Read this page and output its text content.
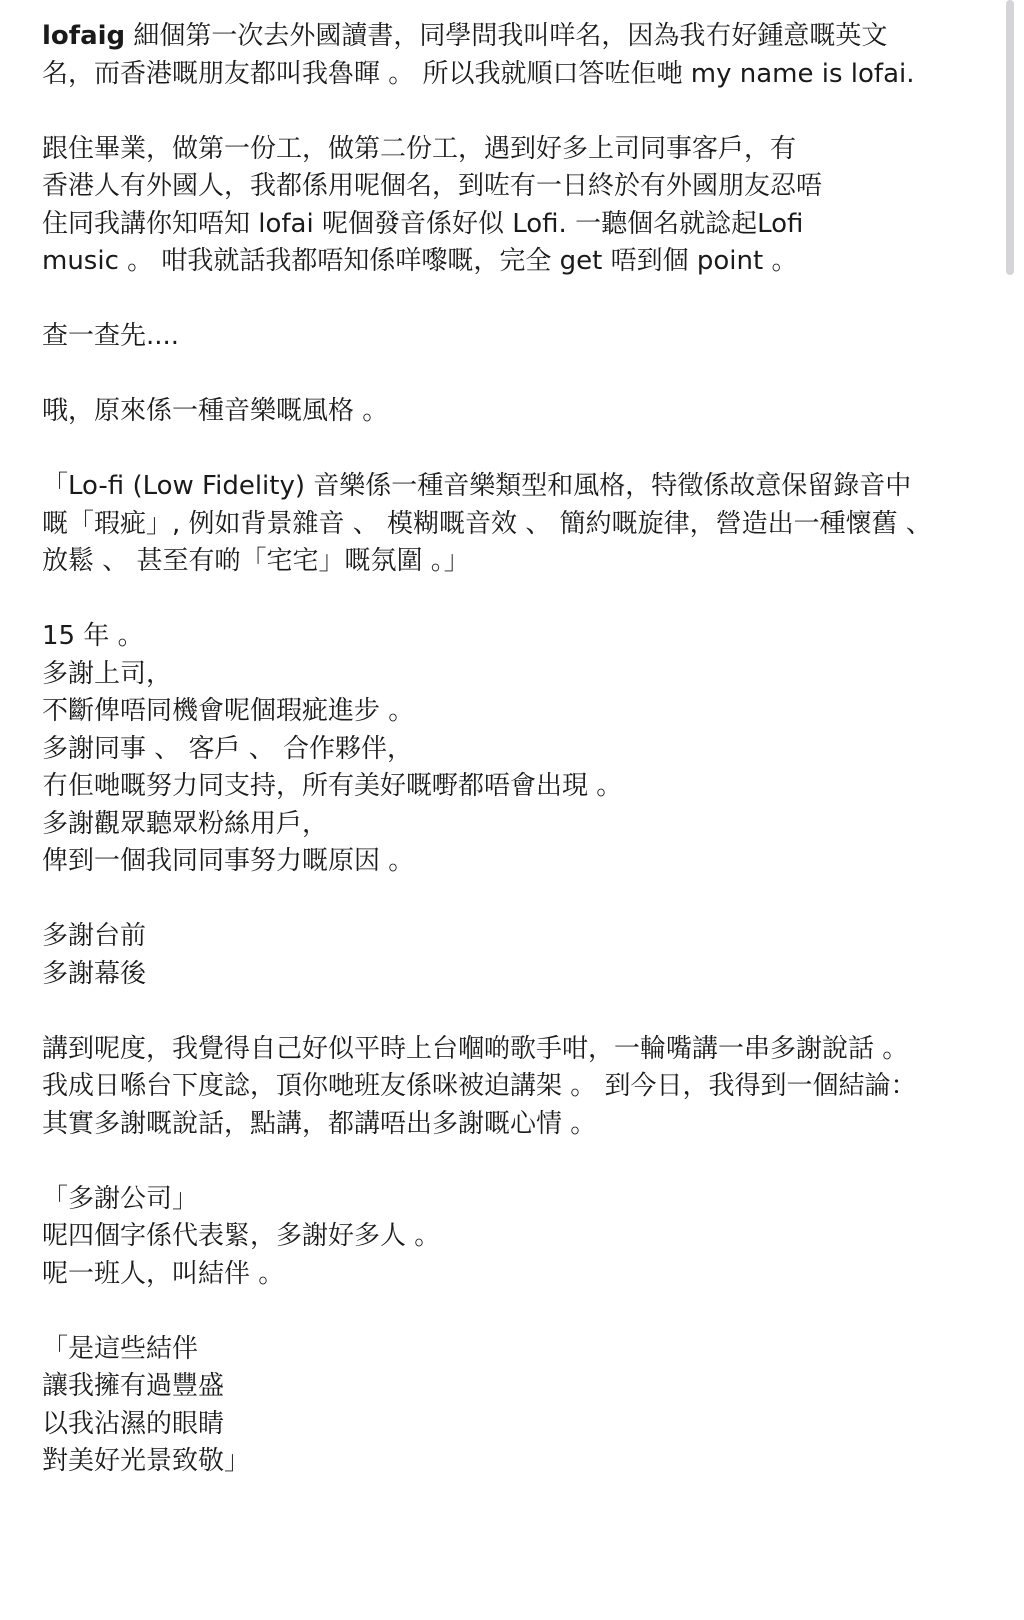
lofaig 細個第一次去外國讀書，同學問我叫咩名，因為我冇好鍾意嘅英文

名，而香港嘅朋友都叫我魯暉 。 所以我就順口答咗佢哋 my name is lofai.

跟住畢業，做第一份工，做第二份工，遇到好多上司同事客戶，有

香港人有外國人，我都係用呢個名，到咗有一日終於有外國朋友忍唔

住同我講你知唔知 lofai 呢個發音係好似 Lofi. 一聽個名就諗起Lofi

music 。 咁我就話我都唔知係咩嚟嘅，完全 get 唔到個 point 。

查一查先....

哦，原來係一種音樂嘅風格 。

「Lo-fi (Low Fidelity) 音樂係一種音樂類型和風格，特徵係故意保留錄音中

嘅「瑕疵」, 例如背景雜音 、 模糊嘅音效 、 簡約嘅旋律，營造出一種懷舊 、

放鬆 、 甚至有啲「宅宅」嘅氛圍 。」

15 年 。

多謝上司，

不斷俾唔同機會呢個瑕疵進步 。

多謝同事 、 客戶 、 合作夥伴，

冇佢哋嘅努力同支持，所有美好嘅嘢都唔會出現 。

多謝觀眾聽眾粉絲用戶，

俾到一個我同同事努力嘅原因 。

多謝台前

多謝幕後

講到呢度，我覺得自己好似平時上台嗰啲歌手咁，一輪嘴講一串多謝說話 。

我成日喺台下度諗，頂你哋班友係咪被迫講架 。 到今日，我得到一個結論：

其實多謝嘅說話，點講，都講唔出多謝嘅心情 。

「多謝公司」

呢四個字係代表緊，多謝好多人 。

呢一班人，叫結伴 。

「是這些結伴

讓我擁有過豐盛

以我沾濕的眼睛

對美好光景致敬」
